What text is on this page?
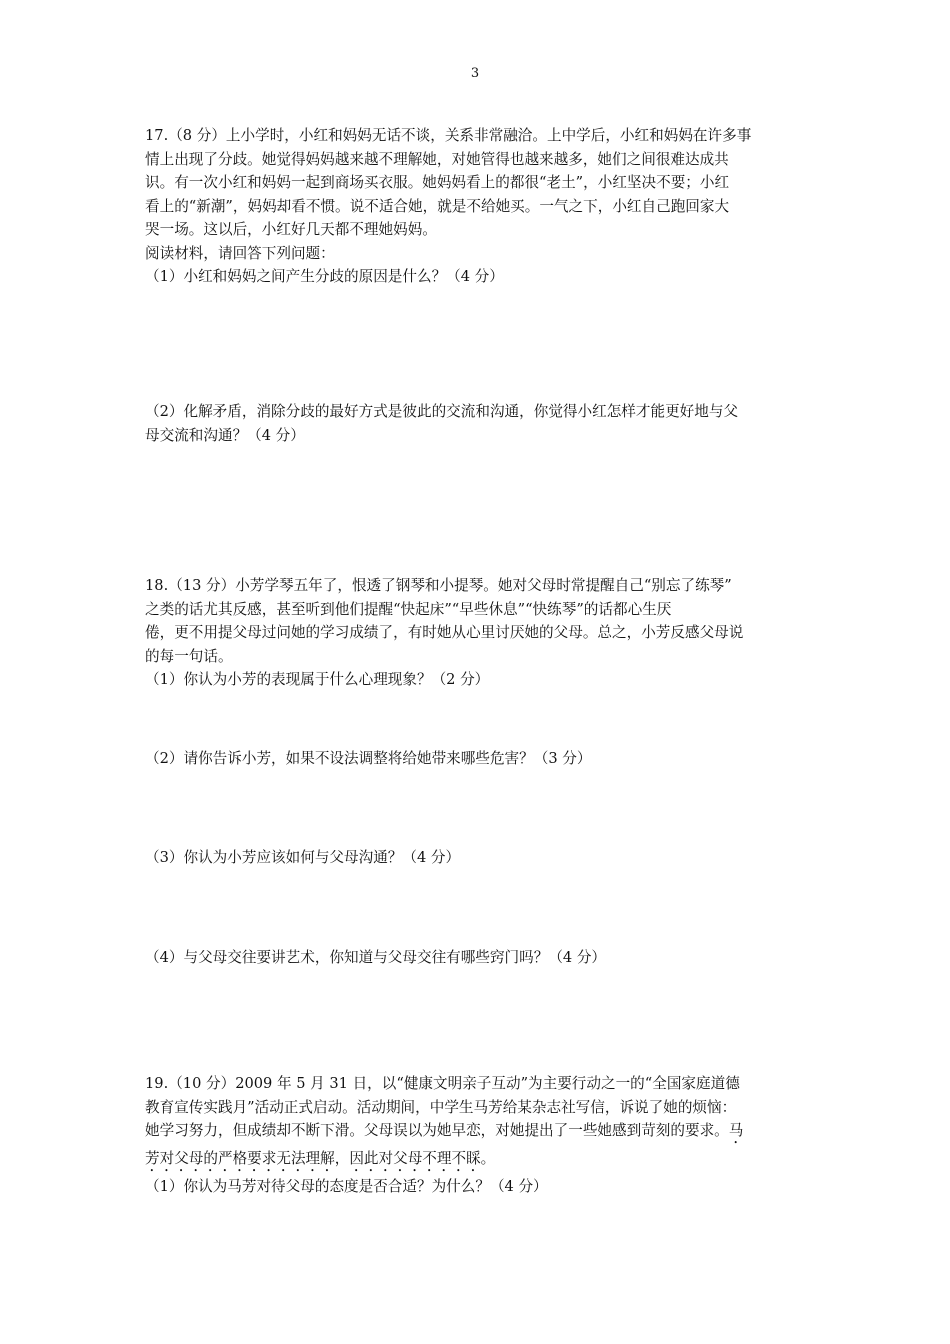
3
17.（8 分）上小学时，小红和妈妈无话不谈，关系非常融洽。上中学后，小红和妈妈在许多事
情上出现了分歧。她觉得妈妈越来越不理解她，对她管得也越来越多，她们之间很难达成共
识。有一次小红和妈妈一起到商场买衣服。她妈妈看上的都很“老土”，小红坚决不要；小红
看上的“新潮”，妈妈却看不惯。说不适合她，就是不给她买。一气之下，小红自己跑回家大
哭一场。这以后，小红好几天都不理她妈妈。
阅读材料，请回答下列问题：
（1）小红和妈妈之间产生分歧的原因是什么？（4 分）
（2）化解矛盾，消除分歧的最好方式是彼此的交流和沟通，你觉得小红怎样才能更好地与父
母交流和沟通？（4 分）
18.（13 分）小芳学琴五年了，恨透了钢琴和小提琴。她对父母时常提醒自己“别忘了练琴”
之类的话尤其反感，甚至听到他们提醒“快起床”“早些休息”“快练琴”的话都心生厌
倦，更不用提父母过问她的学习成绩了，有时她从心里讨厌她的父母。总之，小芳反感父母说
的每一句话。
（1）你认为小芳的表现属于什么心理现象？（2 分）
（2）请你告诉小芳，如果不设法调整将给她带来哪些危害？（3 分）
（3）你认为小芳应该如何与父母沟通？（4 分）
（4）与父母交往要讲艺术，你知道与父母交往有哪些窍门吗？（4 分）
19.（10 分）2009 年 5 月 31 日，以“健康文明亲子互动”为主要行动之一的“全国家庭道德
教育宣传实践月”活动正式启动。活动期间，中学生马芳给某杂志社写信，诉说了她的烦恼：
她学习努力，但成绩却不断下滑。父母误以为她早恋，对她提出了一些她感到苛刻的要求。马
芳对父母的严格要求无法理解，因此对父母不理不睬。
（1）你认为马芳对待父母的态度是否合适？为什么？（4 分）
